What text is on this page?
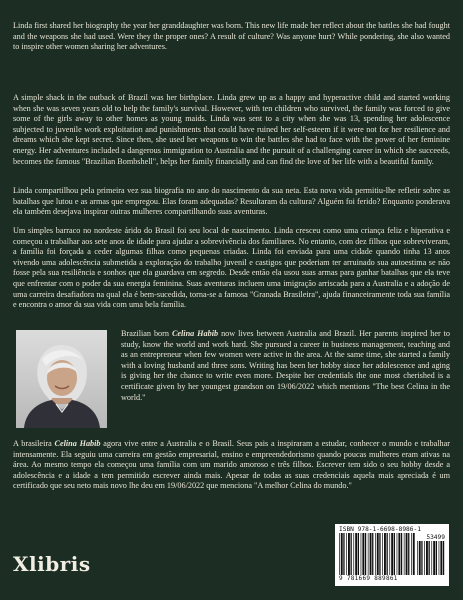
Linda first shared her biography the year her granddaughter was born. This new life made her reflect about the battles she had fought and the weapons she had used. Were they the proper ones? A result of culture? Was anyone hurt? While pondering, she also wanted to inspire other women sharing her adventures.

A simple shack in the outback of Brazil was her birthplace. Linda grew up as a happy and hyperactive child and started working when she was seven years old to help the family's survival. However, with ten children who survived, the family was forced to give some of the girls away to other homes as young maids. Linda was sent to a city when she was 13, spending her adolescence subjected to juvenile work exploitation and punishments that could have ruined her self-esteem if it were not for her resilience and dreams which she kept secret. Since then, she used her weapons to win the battles she had to face with the power of her feminine energy. Her adventures included a dangerous immigration to Australia and the pursuit of a challenging career in which she succeeds, becomes the famous "Brazilian Bombshell", helps her family financially and can find the love of her life with a beautiful family.

Linda compartilhou pela primeira vez sua biografia no ano do nascimento da sua neta. Esta nova vida permitiu-lhe refletir sobre as batalhas que lutou e as armas que empregou. Elas foram adequadas? Resultaram da cultura? Alguém foi ferido? Enquanto ponderava ela também desejava inspirar outras mulheres compartilhando suas aventuras.

Um simples barraco no nordeste árido do Brasil foi seu local de nascimento. Linda cresceu como uma criança feliz e hiperativa e começou a trabalhar aos sete anos de idade para ajudar a sobrevivência dos familiares. No entanto, com dez filhos que sobreviveram, a família foi forçada a ceder algumas filhas como pequenas criadas. Linda foi enviada para uma cidade quando tinha 13 anos vivendo uma adolescência submetida a exploração do trabalho juvenil e castigos que poderiam ter arruinado sua autoestima se não fosse pela sua resiliência e sonhos que ela guardava em segredo. Desde então ela usou suas armas para ganhar batalhas que ela teve que enfrentar com o poder da sua energia feminina. Suas aventuras incluem uma imigração arriscada para a Australia e a adoção de uma carreira desafiadora na qual ela é bem-sucedida, torna-se a famosa "Granada Brasileira", ajuda financeiramente toda sua família e encontra o amor da sua vida com uma bela família.

Brazilian born Celina Habib now lives between Australia and Brazil. Her parents inspired her to study, know the world and work hard. She pursued a career in business management, teaching and as an entrepreneur when few women were active in the area. At the same time, she started a family with a loving husband and three sons. Writing has been her hobby since her adolescence and aging is giving her the chance to write even more. Despite her credentials the one most cherished is a certificate given by her youngest grandson on 19/06/2022 which mentions "The best Celina in the world."

A brasileira Celina Habib agora vive entre a Australia e o Brasil. Seus pais a inspiraram a estudar, conhecer o mundo e trabalhar intensamente. Ela seguiu uma carreira em gestão empresarial, ensino e empreendedorismo quando poucas mulheres eram ativas na área. Ao mesmo tempo ela começou uma família com um marido amoroso e três filhos. Escrever tem sido o seu hobby desde a adolescência e a idade a tem permitido escrever ainda mais. Apesar de todas as suas credenciais aquela mais apreciada é um certificado que seu neto mais novo lhe deu em 19/06/2022 que menciona "A melhor Celina do mundo."

Xlibris
ISBN 978-1-6698-8986-1
53499
9 781669 889861
